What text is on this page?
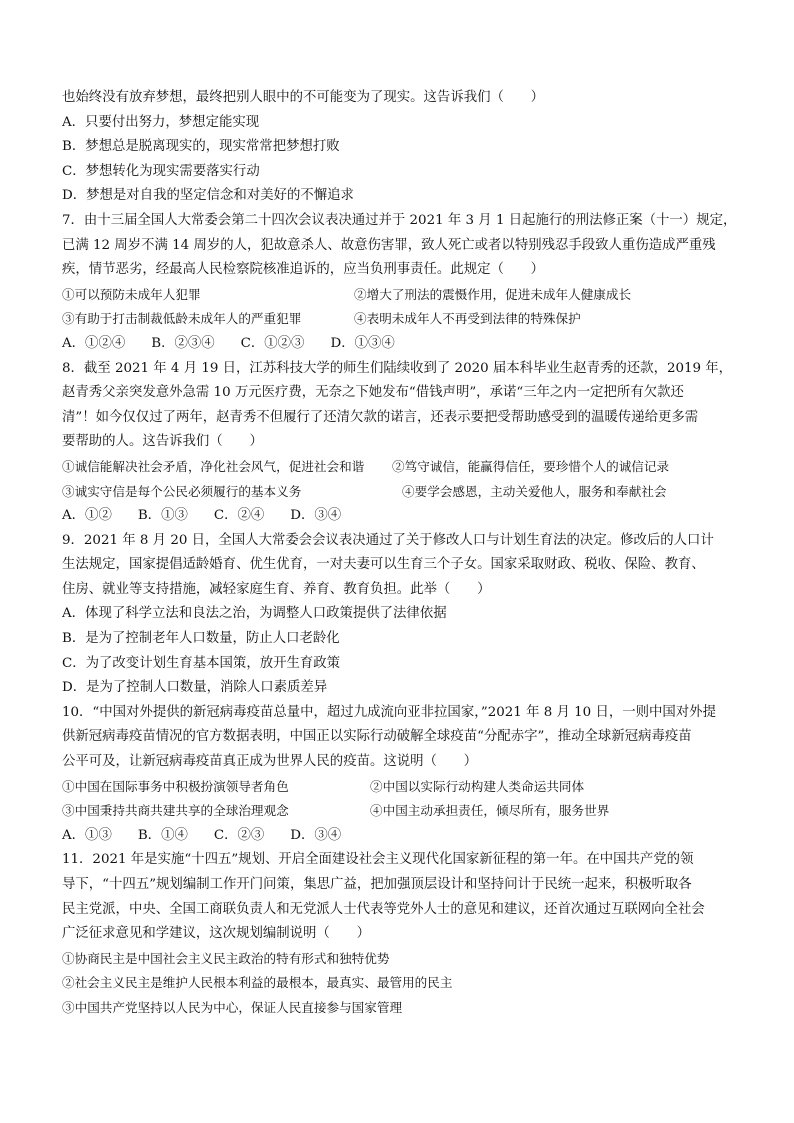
也始终没有放弃梦想，最终把别人眼中的不可能变为了现实。这告诉我们（　　）
A．只要付出努力，梦想定能实现
B．梦想总是脱离现实的，现实常常把梦想打败
C．梦想转化为现实需要落实行动
D．梦想是对自我的坚定信念和对美好的不懈追求
7．由十三届全国人大常委会第二十四次会议表决通过并于 2021 年 3 月 1 日起施行的刑法修正案（十一）规定，
已满 12 周岁不满 14 周岁的人，犯故意杀人、故意伤害罪，致人死亡或者以特别残忍手段致人重伤造成严重残
疾，情节恶劣，经最高人民检察院核准追诉的，应当负刑事责任。此规定（　　）
①可以预防未成年人犯罪	②增大了刑法的震慑作用，促进未成年人健康成长
③有助于打击制裁低龄未成年人的严重犯罪	④表明未成年人不再受到法律的特殊保护
A．①②④ B．②③④ C．①②③ D．①③④
8．截至 2021 年 4 月 19 日，江苏科技大学的师生们陆续收到了 2020 届本科毕业生赵青秀的还款，2019 年，
赵青秀父亲突发意外急需 10 万元医疗费，无奈之下她发布“借钱声明”，承诺“三年之内一定把所有欠款还
清”！如今仅仅过了两年，赵青秀不但履行了还清欠款的诺言，还表示要把受帮助感受到的温暖传递给更多需
要帮助的人。这告诉我们（　　）
①诚信能解决社会矛盾，净化社会风气，促进社会和谐	②笃守诚信，能赢得信任，要珍惜个人的诚信记录
③诚实守信是每个公民必须履行的基本义务	④要学会感恩，主动关爱他人，服务和奉献社会
A．①② B．①③ C．②④ D．③④
9．2021 年 8 月 20 日，全国人大常委会会议表决通过了关于修改人口与计划生育法的决定。修改后的人口计
生法规定，国家提倡适龄婚育、优生优育，一对夫妻可以生育三个子女。国家采取财政、税收、保险、教育、
住房、就业等支持措施，减轻家庭生育、养育、教育负担。此举（　　）
A．体现了科学立法和良法之治，为调整人口政策提供了法律依据
B．是为了控制老年人口数量，防止人口老龄化
C．为了改变计划生育基本国策，放开生育政策
D．是为了控制人口数量，消除人口素质差异
10．“中国对外提供的新冠病毒疫苗总量中，超过九成流向亚非拉国家，”2021 年 8 月 10 日，一则中国对外提
供新冠病毒疫苗情况的官方数据表明，中国正以实际行动破解全球疫苗“分配赤字”，推动全球新冠病毒疫苗
公平可及，让新冠病毒疫苗真正成为世界人民的疫苗。这说明（　　）
①中国在国际事务中积极扮演领导者角色	②中国以实际行动构建人类命运共同体
③中国秉持共商共建共享的全球治理观念	④中国主动承担责任，倾尽所有，服务世界
A．①③ B．①④ C．②③ D．③④
11．2021 年是实施“十四五”规划、开启全面建设社会主义现代化国家新征程的第一年。在中国共产党的领
导下，“十四五”规划编制工作开门问策，集思广益，把加强顶层设计和坚持问计于民统一起来，积极听取各
民主党派，中央、全国工商联负责人和无党派人士代表等党外人士的意见和建议，还首次通过互联网向全社会
广泛征求意见和学建议，这次规划编制说明（　　）
①协商民主是中国社会主义民主政治的特有形式和独特优势
②社会主义民主是维护人民根本利益的最根本，最真实、最管用的民主
③中国共产党坚持以人民为中心，保证人民直接参与国家管理
